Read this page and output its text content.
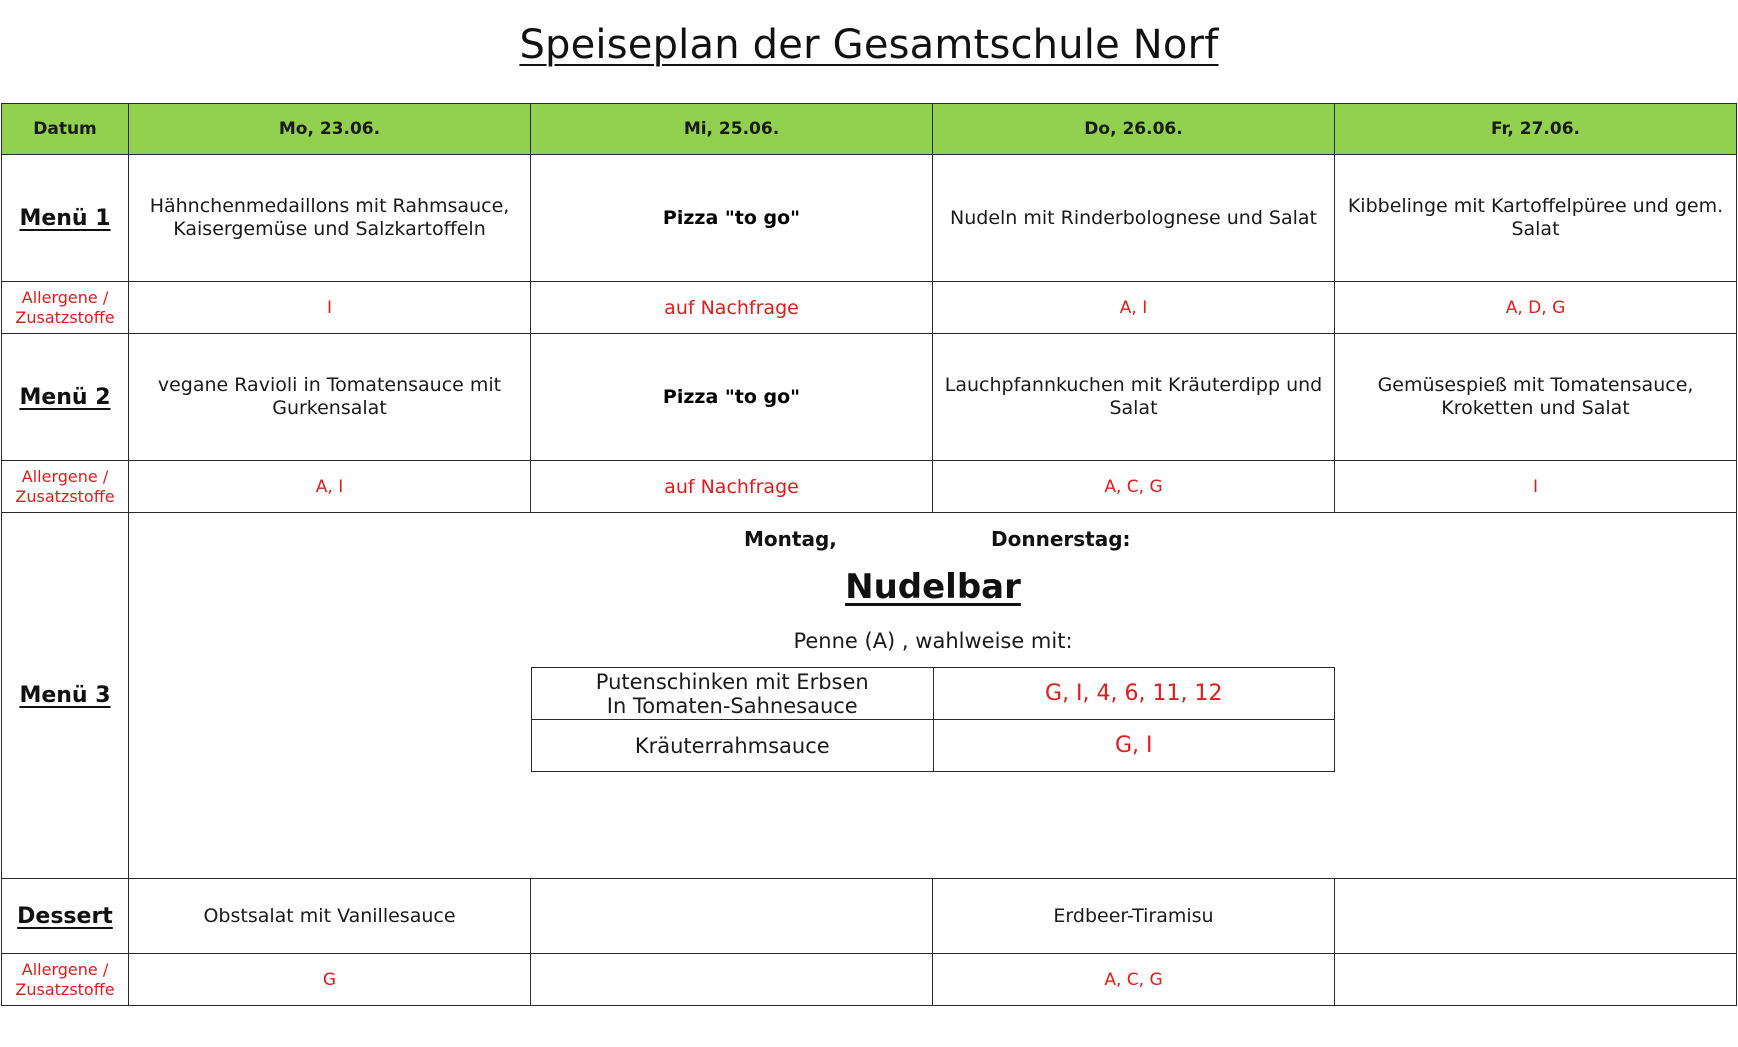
Speiseplan der Gesamtschule Norf
Datum	Mo, 23.06.	Mi, 25.06.	Do, 26.06.	Fr, 27.06.
Menü 1	Hähnchenmedaillons mit Rahmsauce, Kaisergemüse und Salzkartoffeln	Pizza "to go"	Nudeln mit Rinderbolognese und Salat	Kibbelinge mit Kartoffelpüree und gem. Salat
Allergene /
Zusatzstoffe	I	auf Nachfrage	A, I	A, D, G
Menü 2	vegane Ravioli in Tomatensauce mit Gurkensalat	Pizza "to go"	Lauchpfannkuchen mit Kräuterdipp und Salat	Gemüsespieß mit Tomatensauce, Kroketten und Salat
Allergene /
Zusatzstoffe	A, I	auf Nachfrage	A, C, G	I
Menü 3	
Montag,	Donnerstag:
Nudelbar
Penne (A) , wahlweise mit:
Putenschinken mit Erbsen
In Tomaten-Sahnesauce	G, I, 4, 6, 11, 12
Kräuterrahmsauce	G, I

Dessert	Obstsalat mit Vanillesauce		Erdbeer-Tiramisu	
Allergene /
Zusatzstoffe	G		A, C, G	
